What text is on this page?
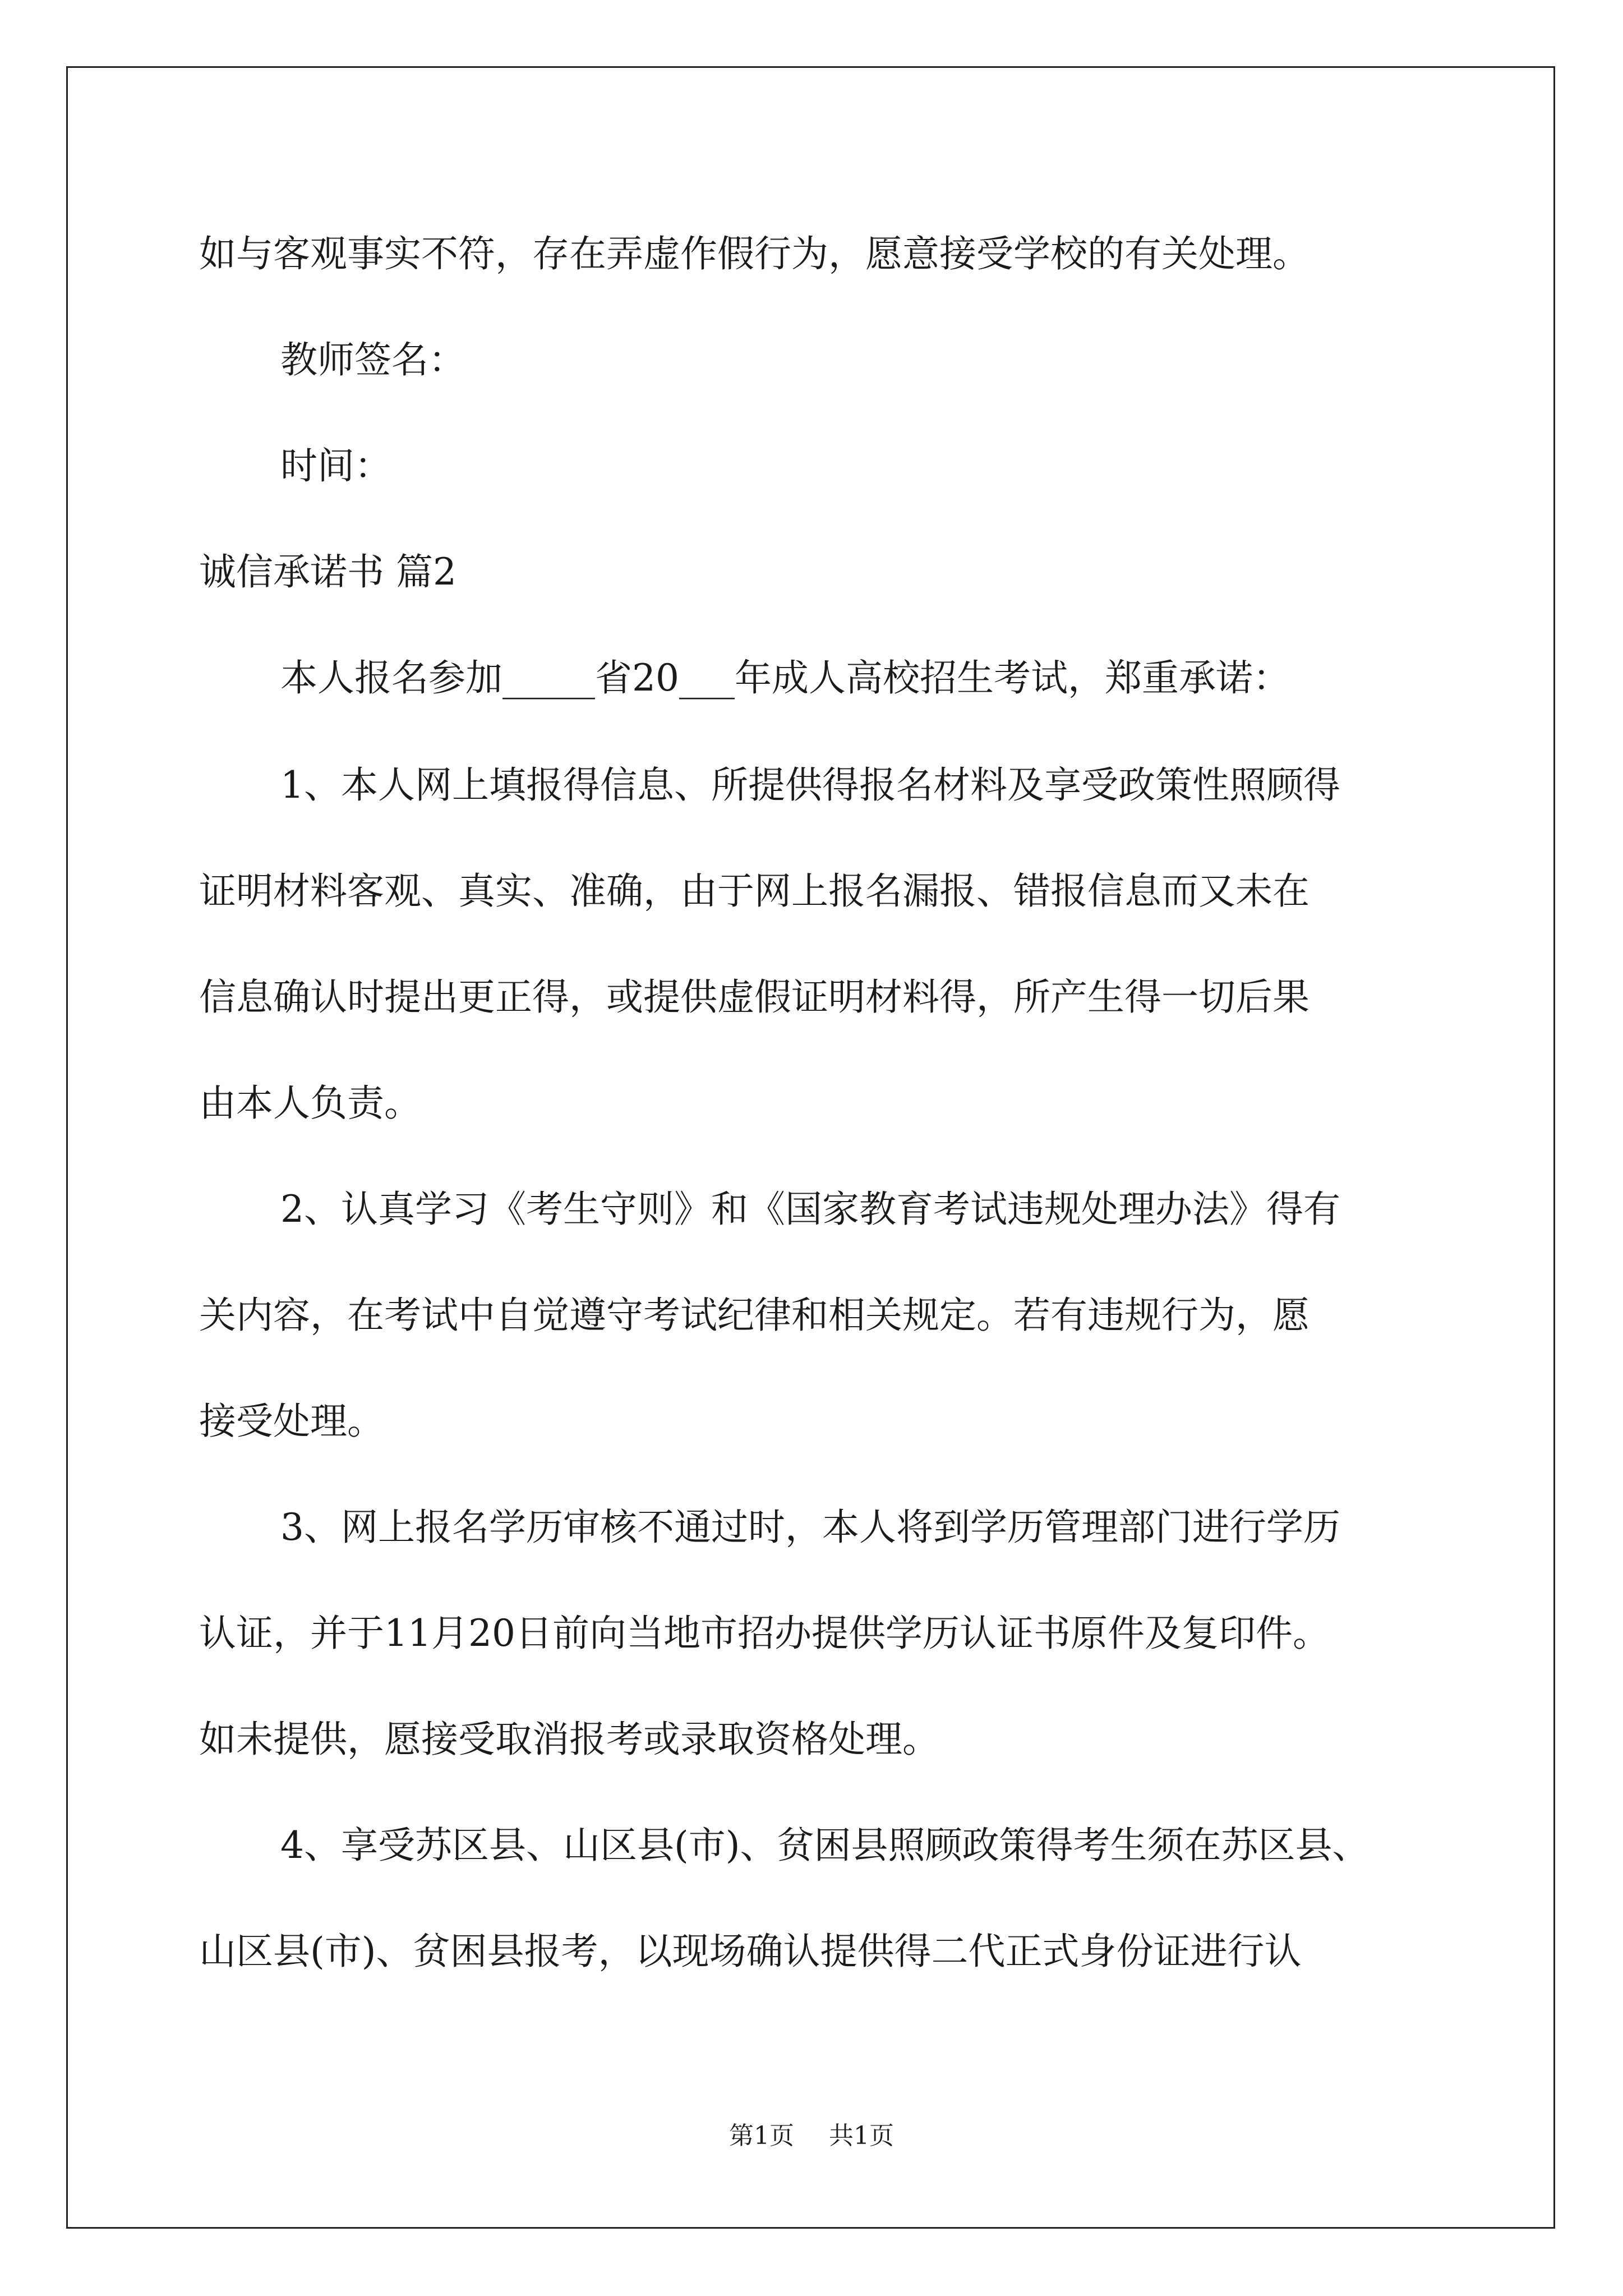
如与客观事实不符，存在弄虚作假行为，愿意接受学校的有关处理。

教师签名：

时间：

诚信承诺书 篇2

本人报名参加_____省20___年成人高校招生考试，郑重承诺：

1、本人网上填报得信息、所提供得报名材料及享受政策性照顾得

证明材料客观、真实、准确，由于网上报名漏报、错报信息而又未在

信息确认时提出更正得，或提供虚假证明材料得，所产生得一切后果

由本人负责。

2、认真学习《考生守则》和《国家教育考试违规处理办法》得有

关内容，在考试中自觉遵守考试纪律和相关规定。若有违规行为，愿

接受处理。

3、网上报名学历审核不通过时，本人将到学历管理部门进行学历

认证，并于11月20日前向当地市招办提供学历认证书原件及复印件。

如未提供，愿接受取消报考或录取资格处理。

4、享受苏区县、山区县(市)、贫困县照顾政策得考生须在苏区县、

山区县(市)、贫困县报考，以现场确认提供得二代正式身份证进行认

第1页 共1页
